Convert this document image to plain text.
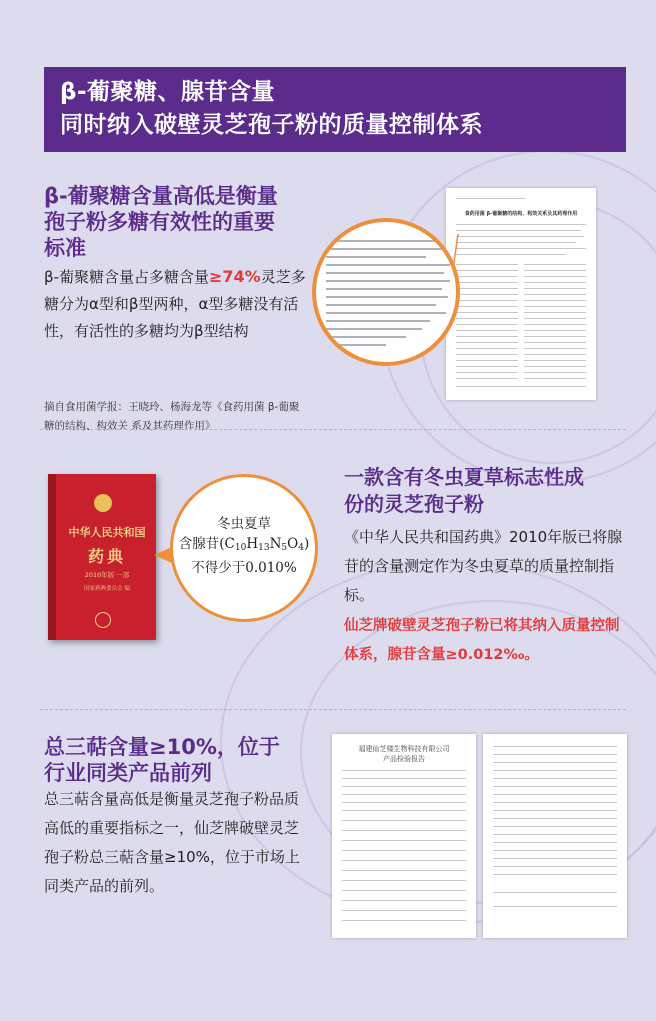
β-葡聚糖、腺苷含量
同时纳入破壁灵芝孢子粉的质量控制体系
β-葡聚糖含量高低是衡量
孢子粉多糖有效性的重要
标准
β-葡聚糖含量占多糖含量≥74%灵芝多糖分为α型和β型两种，α型多糖没有活性，有活性的多糖均为β型结构
摘自食用菌学报：王晓玲、杨海龙等《食药用菌 β-葡聚糖的结构、构效关 系及其药理作用》
食药用菌 β-葡聚糖的结构、构效关系及其药理作用
中华人民共和国
药典
2010年版 一部
国家药典委员会 编
冬虫夏草
含腺苷$(C_{10}H_{13}N_5O_4)$
不得少于0.010%
一款含有冬虫夏草标志性成
份的灵芝孢子粉
《中华人民共和国药典》2010年版已将腺苷的含量测定作为冬虫夏草的质量控制指标。
仙芝牌破壁灵芝孢子粉已将其纳入质量控制体系，腺苷含量≥0.012‰。
总三萜含量≥10%，位于
行业同类产品前列
总三萜含量高低是衡量灵芝孢子粉品质高低的重要指标之一，仙芝牌破壁灵芝孢子粉总三萜含量≥10%，位于市场上同类产品的前列。
福建仙芝楼生物科技有限公司
产品检验报告
